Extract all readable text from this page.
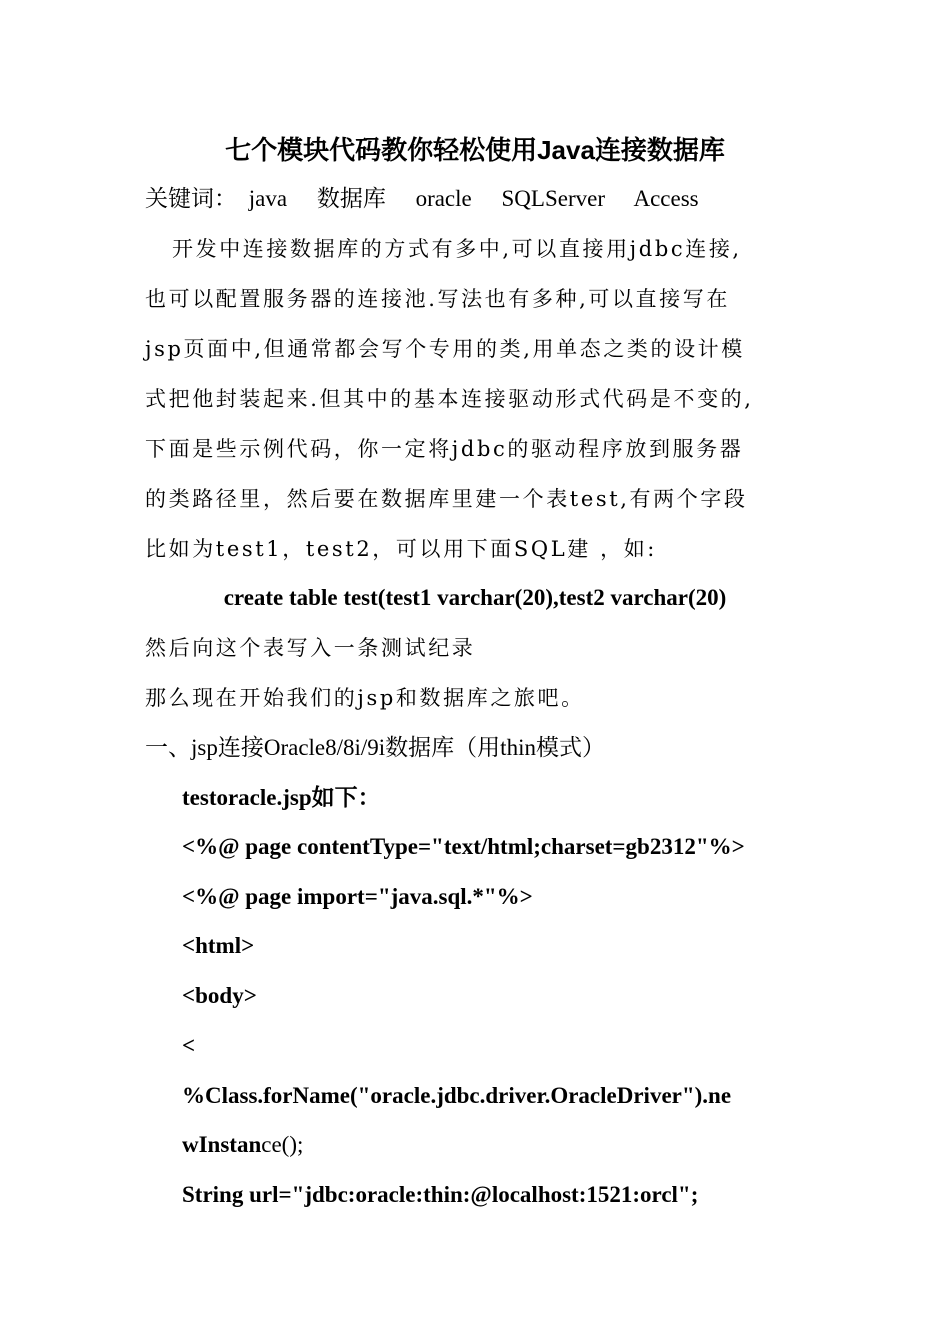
七个模块代码教你轻松使用Java连接数据库
关键词： java 数据库 oracle SQLServer Access
开发中连接数据库的方式有多中,可以直接用jdbc连接,
也可以配置服务器的连接池.写法也有多种,可以直接写在
jsp页面中,但通常都会写个专用的类,用单态之类的设计模
式把他封装起来.但其中的基本连接驱动形式代码是不变的,
下面是些示例代码，你一定将jdbc的驱动程序放到服务器
的类路径里，然后要在数据库里建一个表test,有两个字段
比如为test1，test2，可以用下面SQL建 ，如:
create table test(test1 varchar(20),test2 varchar(20)
然后向这个表写入一条测试纪录
那么现在开始我们的jsp和数据库之旅吧。
一、jsp连接Oracle8/8i/9i数据库（用thin模式）
testoracle.jsp如下：
<%@ page contentType="text/html;charset=gb2312"%>
<%@ page import="java.sql.*"%>
<html>
<body>
<
%Class.forName("oracle.jdbc.driver.OracleDriver").ne
wInstance();
String url="jdbc:oracle:thin:@localhost:1521:orcl";
